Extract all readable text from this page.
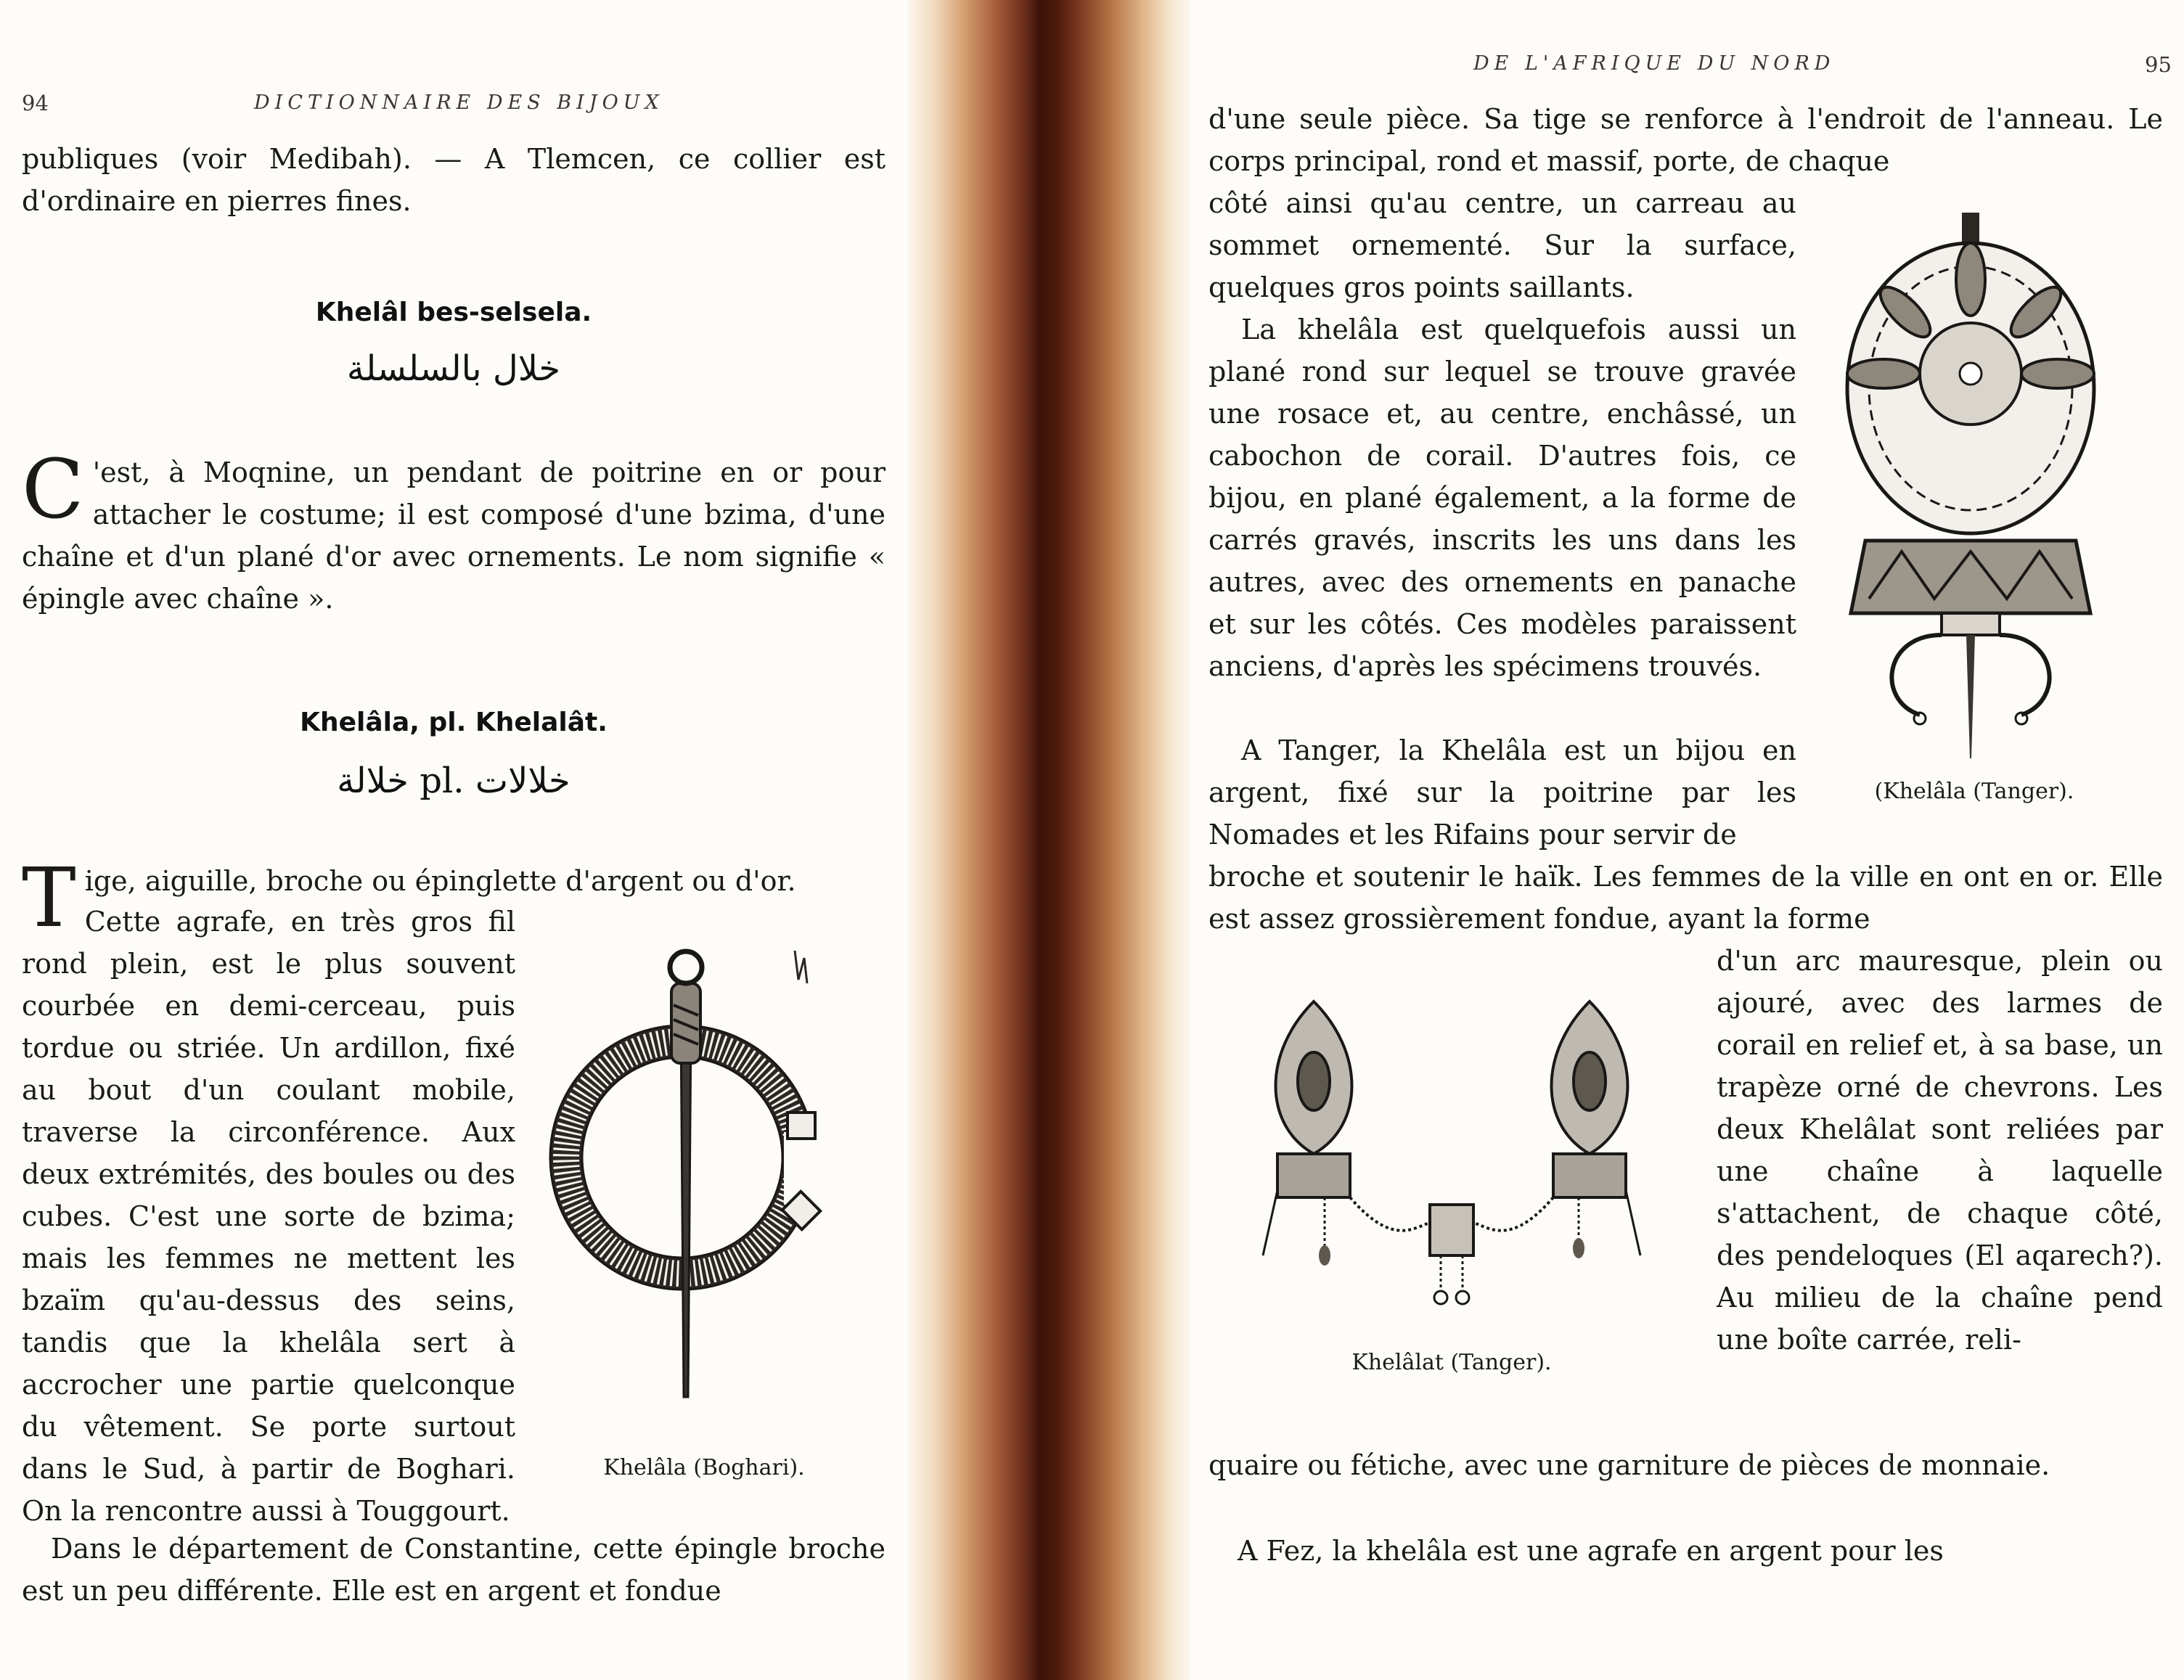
94	DICTIONNAIRE DES BIJOUX

publiques (voir Medibah). — A Tlemcen, ce collier est d'ordinaire en pierres fines.

Khelâl bes-selsela.
خلال بالسلسلة
C 'est, à Moqnine, un pendant de poitrine en or pour attacher le costume; il est composé d'une bzima, d'une chaîne et d'un plané d'or avec ornements. Le nom signifie « épingle avec chaîne ».
Khelâla, pl. Khelalât.
خلالة pl. خلالات
Tige, aiguille, broche ou épinglette d'argent ou d'or.
Cette agrafe, en très gros fil rond plein, est le plus souvent courbée en demi-cerceau, puis tordue ou striée. Un ardillon, fixé au bout d'un coulant mobile, traverse la circonférence. Aux deux extrémités, des boules ou des cubes. C'est une sorte de bzima; mais les femmes ne mettent les bzaïm qu'au-dessus des seins, tandis que la khelâla sert à accrocher une partie quelconque du vêtement. Se porte surtout dans le Sud, à partir de Boghari. On la rencontre aussi à Touggourt.
Dans le département de Constantine, cette épingle broche est un peu différente. Elle est en argent et fondue
Khelâla (Boghari).
DE L'AFRIQUE DU NORD	95
d'une seule pièce. Sa tige se renforce à l'endroit de l'anneau. Le corps principal, rond et massif, porte, de chaque
côté ainsi qu'au centre, un carreau au sommet ornementé. Sur la surface, quelques gros points saillants.
La khelâla est quelquefois aussi un plané rond sur lequel se trouve gravée une rosace et, au centre, enchâssé, un cabochon de corail. D'autres fois, ce bijou, en plané également, a la forme de carrés gravés, inscrits les uns dans les autres, avec des ornements en panache et sur les côtés. Ces modèles paraissent anciens, d'après les spécimens trouvés.
A Tanger, la Khelâla est un bijou en argent, fixé sur la poitrine par les Nomades et les Rifains pour servir de
broche et soutenir le haïk. Les femmes de la ville en ont en or. Elle est assez grossièrement fondue, ayant la forme
d'un arc mauresque, plein ou ajouré, avec des larmes de corail en relief et, à sa base, un trapèze orné de chevrons. Les deux Khelâlat sont reliées par une chaîne à laquelle s'attachent, de chaque côté, des pendeloques (El aqarech?). Au milieu de la chaîne pend une boîte carrée, reli-
quaire ou fétiche, avec une garniture de pièces de monnaie.
A Fez, la khelâla est une agrafe en argent pour les
(Khelâla (Tanger).
Khelâlat (Tanger).
